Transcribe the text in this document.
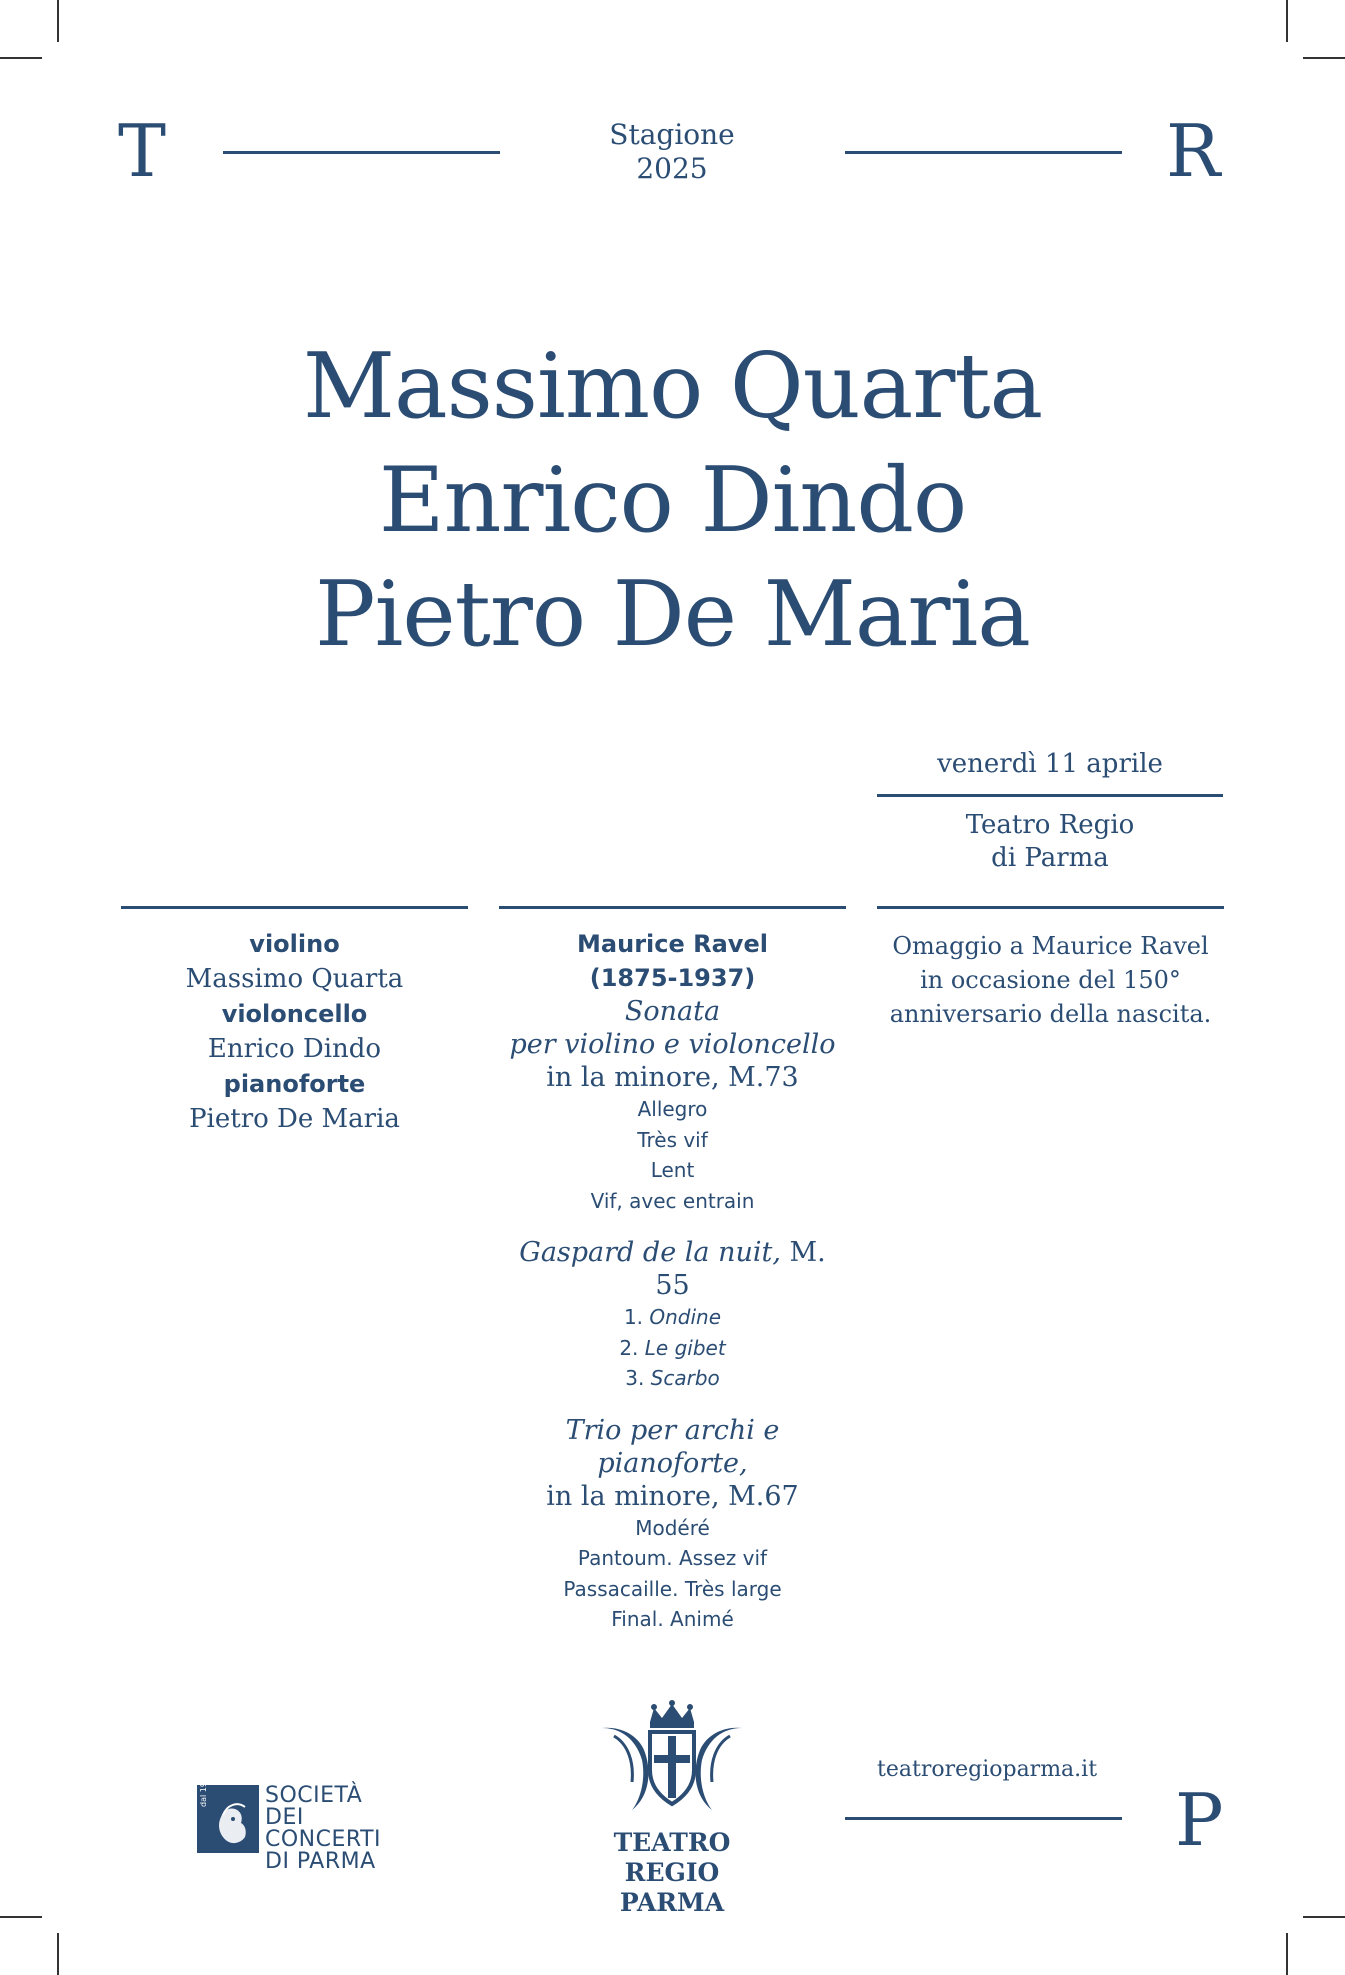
T	Stagione
2025	R
Massimo Quarta
Enrico Dindo
Pietro De Maria
venerdì 11 aprile
Teatro Regio
di Parma
violino
Massimo Quarta
violoncello
Enrico Dindo
pianoforte
Pietro De Maria
Maurice Ravel
(1875-1937)
Sonata
per violino e violoncello
in la minore, M.73
Allegro
Très vif
Lent
Vif, avec entrain
Gaspard de la nuit, M. 55
1. Ondine
2. Le gibet
3. Scarbo
Trio per archi e pianoforte,
in la minore, M.67
Modéré
Pantoum. Assez vif
Passacaille. Très large
Final. Animé
Omaggio a Maurice Ravel
in occasione del 150°
anniversario della nascita.
dal 1904	SOCIETÀ DEI
CONCERTI
DI PARMA
TEATRO REGIO
PARMA
teatroregioparma.it
P
